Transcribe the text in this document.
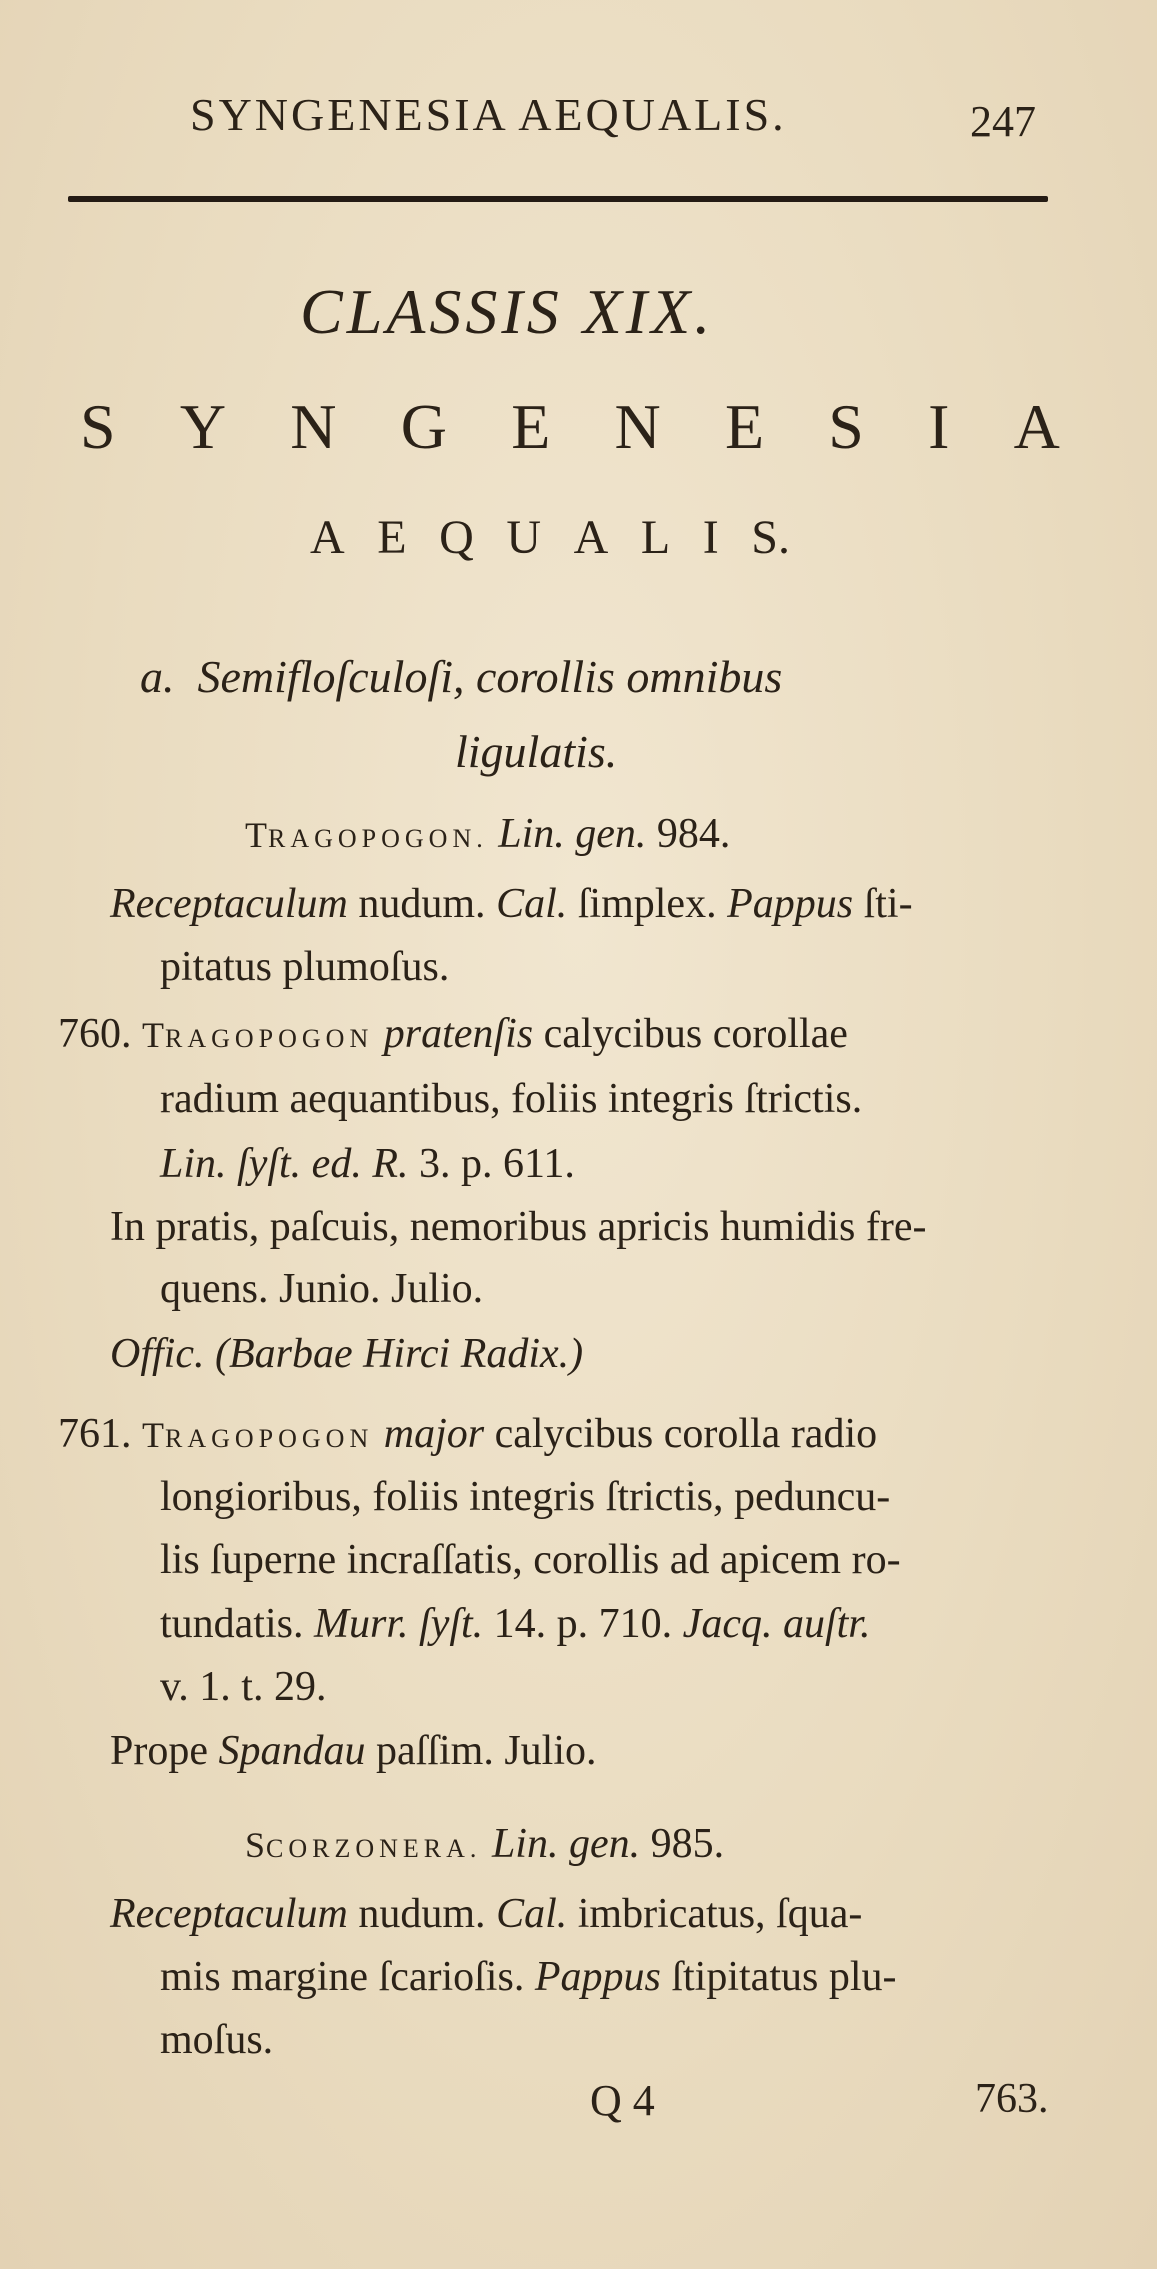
SYNGENESIA AEQUALIS.	247
CLASSIS XIX.
S Y N G E N E S I A
A E Q U A L I S.
a. Semifloſculoſi, corollis omnibus
ligulatis.
TRAGOPOGON. Lin. gen. 984.
Receptaculum nudum. Cal. ſimplex. Pappus ſti-
pitatus plumoſus.
760. TRAGOPOGON pratenſis calycibus corollae
radium aequantibus, foliis integris ſtrictis.
Lin. ſyſt. ed. R. 3. p. 611.
In pratis, paſcuis, nemoribus apricis humidis fre-
quens. Junio. Julio.
Offic. (Barbae Hirci Radix.)
761. TRAGOPOGON major calycibus corolla radio
longioribus, foliis integris ſtrictis, peduncu-
lis ſuperne incraſſatis, corollis ad apicem ro-
tundatis. Murr. ſyſt. 14. p. 710. Jacq. auſtr.
v. 1. t. 29.
Prope Spandau paſſim. Julio.
SCORZONERA. Lin. gen. 985.
Receptaculum nudum. Cal. imbricatus, ſqua-
mis margine ſcarioſis. Pappus ſtipitatus plu-
moſus.
Q 4	763.
